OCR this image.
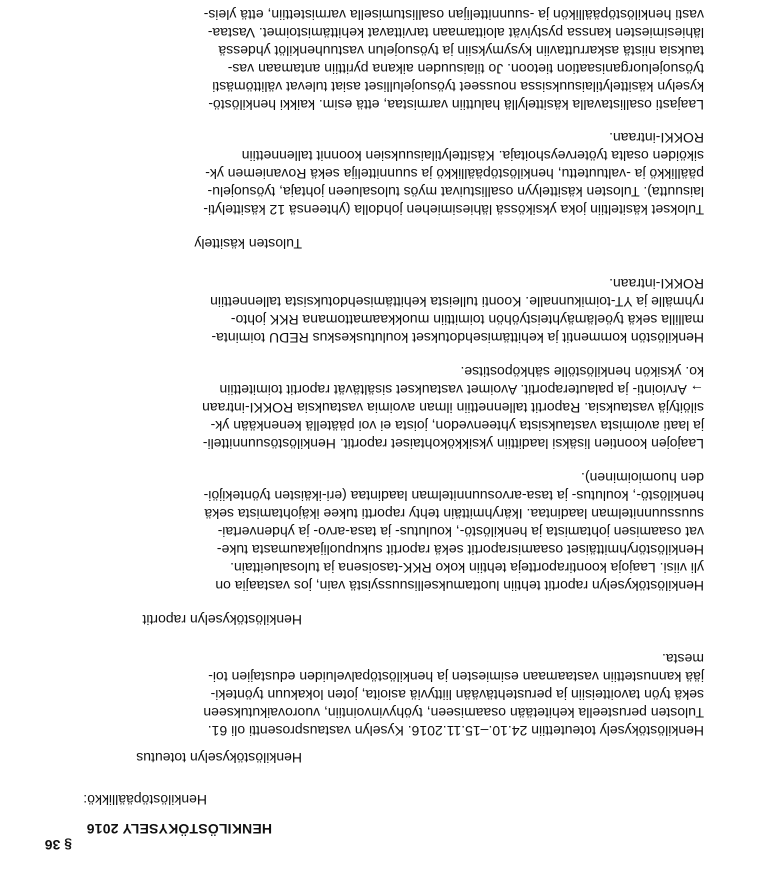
§ 36
HENKILÖSTÖKYSELY 2016
Henkilöstöpäällikkö:
Henkilöstökyselyn toteutus
Henkilöstökysely toteutettiin 24.10.–15.11.2016. Kyselyn vastausprosentti oli 61.
Tulosten perusteella kehitetään osaamiseen, työhyvinvointiin, vuorovaikutukseen
sekä työn tavoitteisiin ja perustehtävään liittyviä asioita, joten lokakuun työnteki-
jää kannustettiin vastaamaan esimiesten ja henkilöstöpalveluiden edustajien toi-
mesta.
Henkilöstökyselyn raportit
Henkilöstökyselyn raportit tehtiin luottamuksellisuussyistä vain, jos vastaajia on
yli viisi. Laajoja koontiraportteja tehtiin koko RKK-tasoisena ja tulosalueittain.
Henkilöstöryhmittäiset osaamisraportit sekä raportit sukupuolijakaumasta tuke-
vat osaamisen johtamista ja henkilöstö-, koulutus- ja tasa-arvo- ja yhdenvertai-
suussuunnitelman laadintaa. Ikäryhmittäin tehty raportti tukee ikäjohtamista sekä
henkilöstö-, koulutus- ja tasa-arvosuunnitelman laadintaa (eri-ikäisten työntekijöi-
den huomioiminen).
Laajojen koontien lisäksi laadittiin yksikkökohtaiset raportit. Henkilöstösuunnitteli-
ja laati avoimista vastauksista yhteenvedon, joista ei voi päätellä kenenkään yk-
silöityjä vastauksia. Raportit tallennettiin ilman avoimia vastauksia ROKKI-intraan
→ Arviointi- ja palauteraportit. Avoimet vastaukset sisältävät raportit toimitettiin
ko. yksikön henkilöstölle sähköpostitse.
Henkilöstön kommentit ja kehittämisehdotukset koulutuskeskus REDU toiminta-
mallilla sekä työelämäyhteistyöhön toimittiin muokkaamattomana RKK johto-
ryhmälle ja YT-toimikunnalle. Koonti tulleista kehittämisehdotuksista tallennettiin
ROKKI-intraan.
Tulosten käsittely
Tulokset käsiteltiin joka yksikössä lähiesimiehen johdolla (yhteensä 12 käsittelyti-
laisuutta). Tulosten käsittelyyn osallistuivat myös tulosalueen johtaja, työsuojelu-
päällikkö ja -valtuutettu, henkilöstöpäällikkö ja suunnittelija sekä Rovaniemen yk-
siköiden osalta työterveyshoitaja. Käsittelytilaisuuksien koonnit tallennettiin
ROKKI-intraan.
Laajasti osallistavalla käsittelyllä haluttiin varmistaa, että esim. kaikki henkilöstö-
kyselyn käsittelytilaisuuksissa nousseet työsuojelulliset asiat tulevat välittömästi
työsuojeluorganisaation tietoon. Jo tilaisuuden aikana pyrittiin antamaan vas-
tauksia niistä askarruttaviin kysymyksiin ja työsuojelun vastuuhenkilöt yhdessä
lähiesimiesten kanssa pystyivät aloittamaan tarvittavat kehittämistoimet. Vastaa-
vasti henkilöstöpäällikön ja -suunnittelijan osallistumisella varmistettiin, että yleis-
